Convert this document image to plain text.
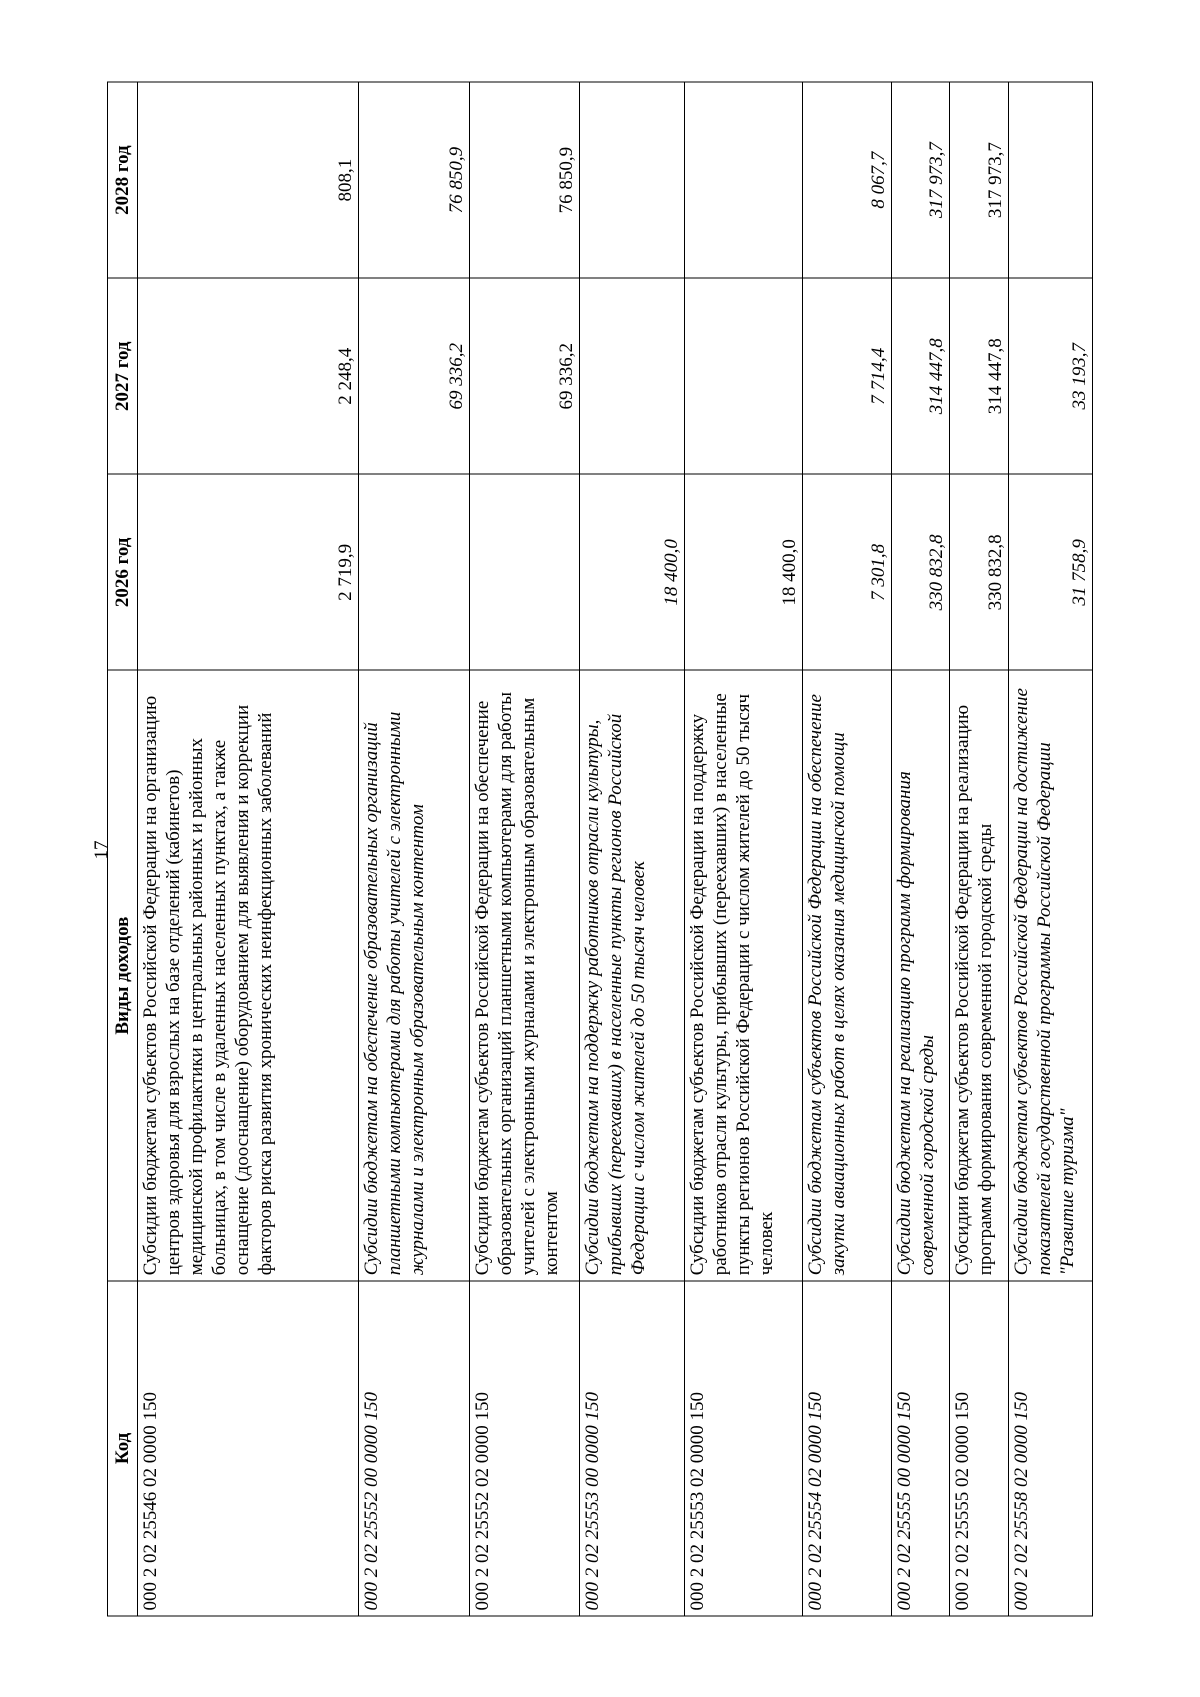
17
Код	Виды доходов	2026 год	2027 год	2028 год
000 2 02 25546 02 0000 150	Субсидии бюджетам субъектов Российской Федерации на организацию центров здоровья для взрослых на базе отделений (кабинетов) медицинской профилактики в центральных районных и районных больницах, в том числе в удаленных населенных пунктах, а также оснащение (дооснащение) оборудованием для выявления и коррекции факторов риска развития хронических неинфекционных заболеваний	2 719,9	2 248,4	808,1
000 2 02 25552 00 0000 150	Субсидии бюджетам на обеспечение образовательных организаций планшетными компьютерами для работы учителей с электронными журналами и электронным образовательным контентом		69 336,2	76 850,9
000 2 02 25552 02 0000 150	Субсидии бюджетам субъектов Российской Федерации на обеспечение образовательных организаций планшетными компьютерами для работы учителей с электронными журналами и электронным образовательным контентом		69 336,2	76 850,9
000 2 02 25553 00 0000 150	Субсидии бюджетам на поддержку работников отрасли культуры, прибывших (переехавших) в населенные пункты регионов Российской Федерации с числом жителей до 50 тысяч человек	18 400,0		
000 2 02 25553 02 0000 150	Субсидии бюджетам субъектов Российской Федерации на поддержку работников отрасли культуры, прибывших (переехавших) в населенные пункты регионов Российской Федерации с числом жителей до 50 тысяч человек	18 400,0		
000 2 02 25554 02 0000 150	Субсидии бюджетам субъектов Российской Федерации на обеспечение закупки авиационных работ в целях оказания медицинской помощи	7 301,8	7 714,4	8 067,7
000 2 02 25555 00 0000 150	Субсидии бюджетам на реализацию программ формирования современной городской среды	330 832,8	314 447,8	317 973,7
000 2 02 25555 02 0000 150	Субсидии бюджетам субъектов Российской Федерации на реализацию программ формирования современной городской среды	330 832,8	314 447,8	317 973,7
000 2 02 25558 02 0000 150	Субсидии бюджетам субъектов Российской Федерации на достижение показателей государственной программы Российской Федерации "Развитие туризма"	31 758,9	33 193,7	
